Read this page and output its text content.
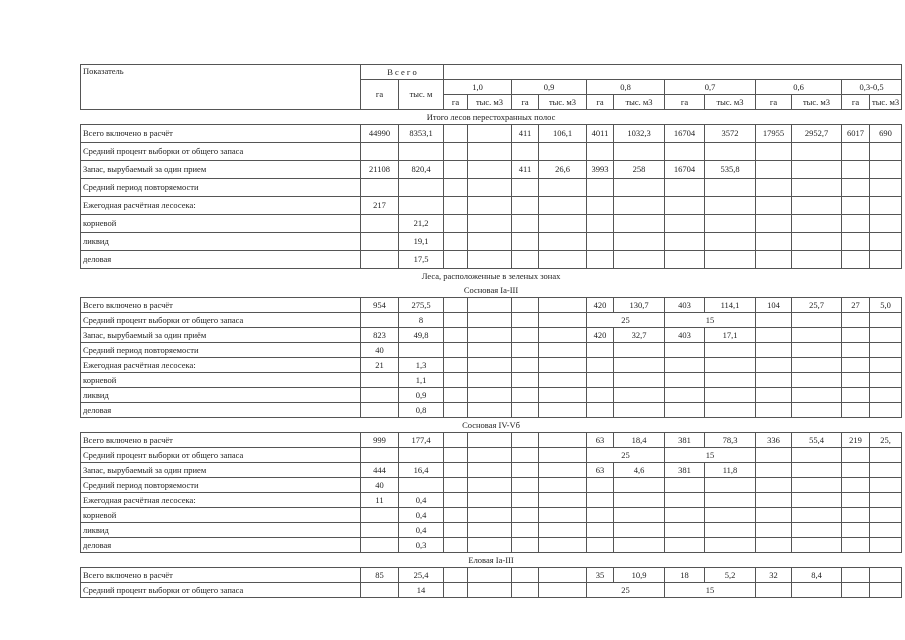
Показатель	В с е г о													
	га	тыс. м	1,0		0,9		0,8		0,7		0,6		0,3-0,5	
			га	тыс. м3	га	тыс. м3	га	тыс. м3	га	тыс. м3	га	тыс. м3	га	тыс. м3
Итого лесов перестохранных полос														
Всего включено в расчёт	44990	8353,1			411	106,1	4011	1032,3	16704	3572	17955	2952,7	6017	690
Средний процент выборки от общего запаса														
Запас, вырубаемый за один прием	21108	820,4			411	26,6	3993	258	16704	535,8				
Средний период повторяемости														
Ежегодная расчётная лесосека:	217													
корневой		21,2												
ликвид		19,1												
деловая		17,5												
Леса, расположенные в зеленых зонах														
Сосновая Iа-III														
Всего включено в расчёт	954	275,5					420	130,7	403	114,1	104	25,7	27	5,0
Средний процент выборки от общего запаса		8					25		15					
Запас, вырубаемый за один приём	823	49,8					420	32,7	403	17,1				
Средний период повторяемости	40													
Ежегодная расчётная лесосека:	21	1,3												
корневой		1,1												
ликвид		0,9												
деловая		0,8												
Сосновая IV-Vб														
Всего включено в расчёт	999	177,4					63	18,4	381	78,3	336	55,4	219	25,
Средний процент выборки от общего запаса							25		15					
Запас, вырубаемый за один прием	444	16,4					63	4,6	381	11,8				
Средний период повторяемости	40													
Ежегодная расчётная лесосека:	11	0,4												
корневой		0,4												
ликвид		0,4												
деловая		0,3												
Еловая Iа-III														
Всего включено в расчёт	85	25,4					35	10,9	18	5,2	32	8,4		
Средний процент выборки от общего запаса		14					25		15					
